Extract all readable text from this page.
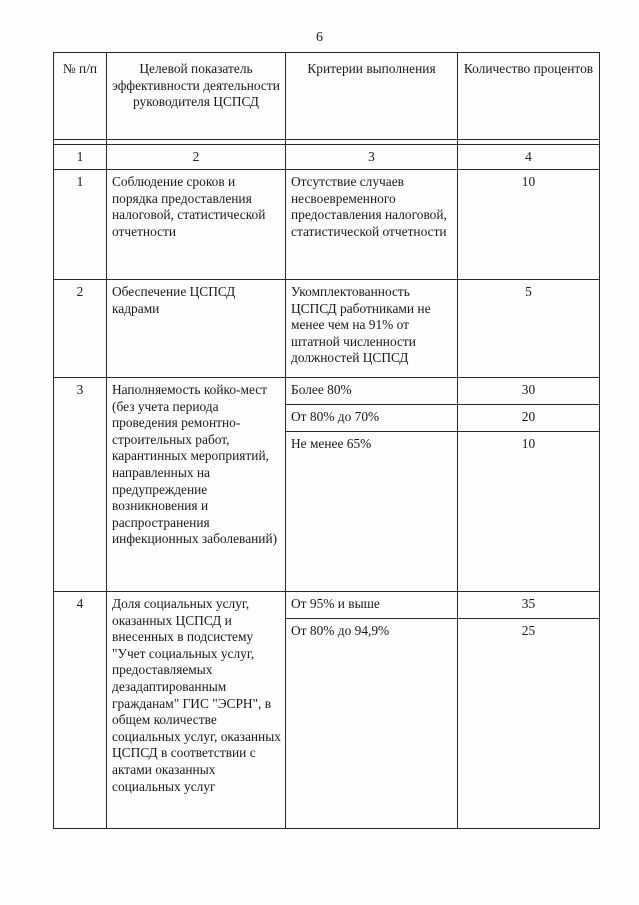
6
№ п/п	Целевой показатель эффективности деятельности руководителя ЦСПСД	Критерии выполнения	Количество процентов

1	2	3	4
1	Соблюдение сроков и порядка предоставления налоговой, статистической отчетности	Отсутствие случаев несвоевременного предоставления налоговой, статистической отчетности	10
2	Обеспечение ЦСПСД кадрами	Укомплектованность ЦСПСД работниками не менее чем на 91% от штатной численности должностей ЦСПСД	5
3	Наполняемость койко-мест (без учета периода проведения ремонтно-строительных работ, карантинных мероприятий, направленных на предупреждение возникновения и распространения инфекционных заболеваний)	Более 80%	30
		От 80% до 70%	20
		Не менее 65%	10
4	Доля социальных услуг, оказанных ЦСПСД и внесенных в подсистему "Учет социальных услуг, предоставляемых дезадаптированным гражданам" ГИС "ЭСРН", в общем количестве социальных услуг, оказанных ЦСПСД в соответствии с актами оказанных социальных услуг	От 95% и выше	35
		От 80% до 94,9%	25
